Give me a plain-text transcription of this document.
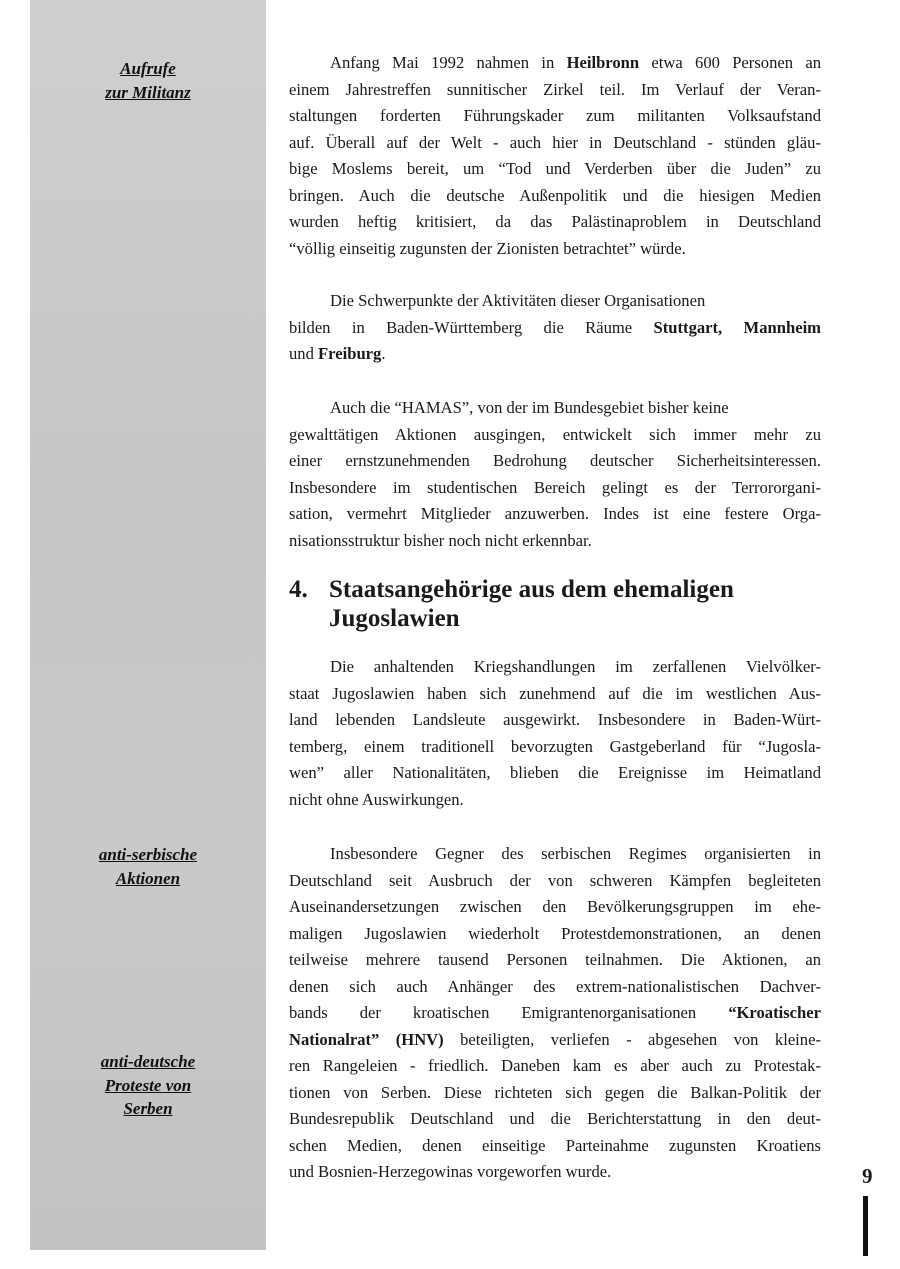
Aufrufe
zur Militanz
anti-serbische
Aktionen
anti-deutsche
Proteste von
Serben
Anfang Mai 1992 nahmen in Heilbronn etwa 600 Personen an
einem Jahrestreffen sunnitischer Zirkel teil. Im Verlauf der Veran-
staltungen forderten Führungskader zum militanten Volksaufstand
auf. Überall auf der Welt - auch hier in Deutschland - stünden gläu-
bige Moslems bereit, um “Tod und Verderben über die Juden” zu
bringen. Auch die deutsche Außenpolitik und die hiesigen Medien
wurden heftig kritisiert, da das Palästinaproblem in Deutschland
“völlig einseitig zugunsten der Zionisten betrachtet” würde.
Die Schwerpunkte der Aktivitäten dieser Organisationen
bilden in Baden-Württemberg die Räume Stuttgart, Mannheim
und Freiburg.
Auch die “HAMAS”, von der im Bundesgebiet bisher keine
gewalttätigen Aktionen ausgingen, entwickelt sich immer mehr zu
einer ernstzunehmenden Bedrohung deutscher Sicherheitsinteressen.
Insbesondere im studentischen Bereich gelingt es der Terrororgani-
sation, vermehrt Mitglieder anzuwerben. Indes ist eine festere Orga-
nisationsstruktur bisher noch nicht erkennbar.
4. Staatsangehörige aus dem ehemaligen
Jugoslawien
Die anhaltenden Kriegshandlungen im zerfallenen Vielvölker-
staat Jugoslawien haben sich zunehmend auf die im westlichen Aus-
land lebenden Landsleute ausgewirkt. Insbesondere in Baden-Würt-
temberg, einem traditionell bevorzugten Gastgeberland für “Jugosla-
wen” aller Nationalitäten, blieben die Ereignisse im Heimatland
nicht ohne Auswirkungen.
Insbesondere Gegner des serbischen Regimes organisierten in
Deutschland seit Ausbruch der von schweren Kämpfen begleiteten
Auseinandersetzungen zwischen den Bevölkerungsgruppen im ehe-
maligen Jugoslawien wiederholt Protestdemonstrationen, an denen
teilweise mehrere tausend Personen teilnahmen. Die Aktionen, an
denen sich auch Anhänger des extrem-nationalistischen Dachver-
bands der kroatischen Emigrantenorganisationen “Kroatischer
Nationalrat” (HNV) beteiligten, verliefen - abgesehen von kleine-
ren Rangeleien - friedlich. Daneben kam es aber auch zu Protestak-
tionen von Serben. Diese richteten sich gegen die Balkan-Politik der
Bundesrepublik Deutschland und die Berichterstattung in den deut-
schen Medien, denen einseitige Parteinahme zugunsten Kroatiens
und Bosnien-Herzegowinas vorgeworfen wurde.	9
